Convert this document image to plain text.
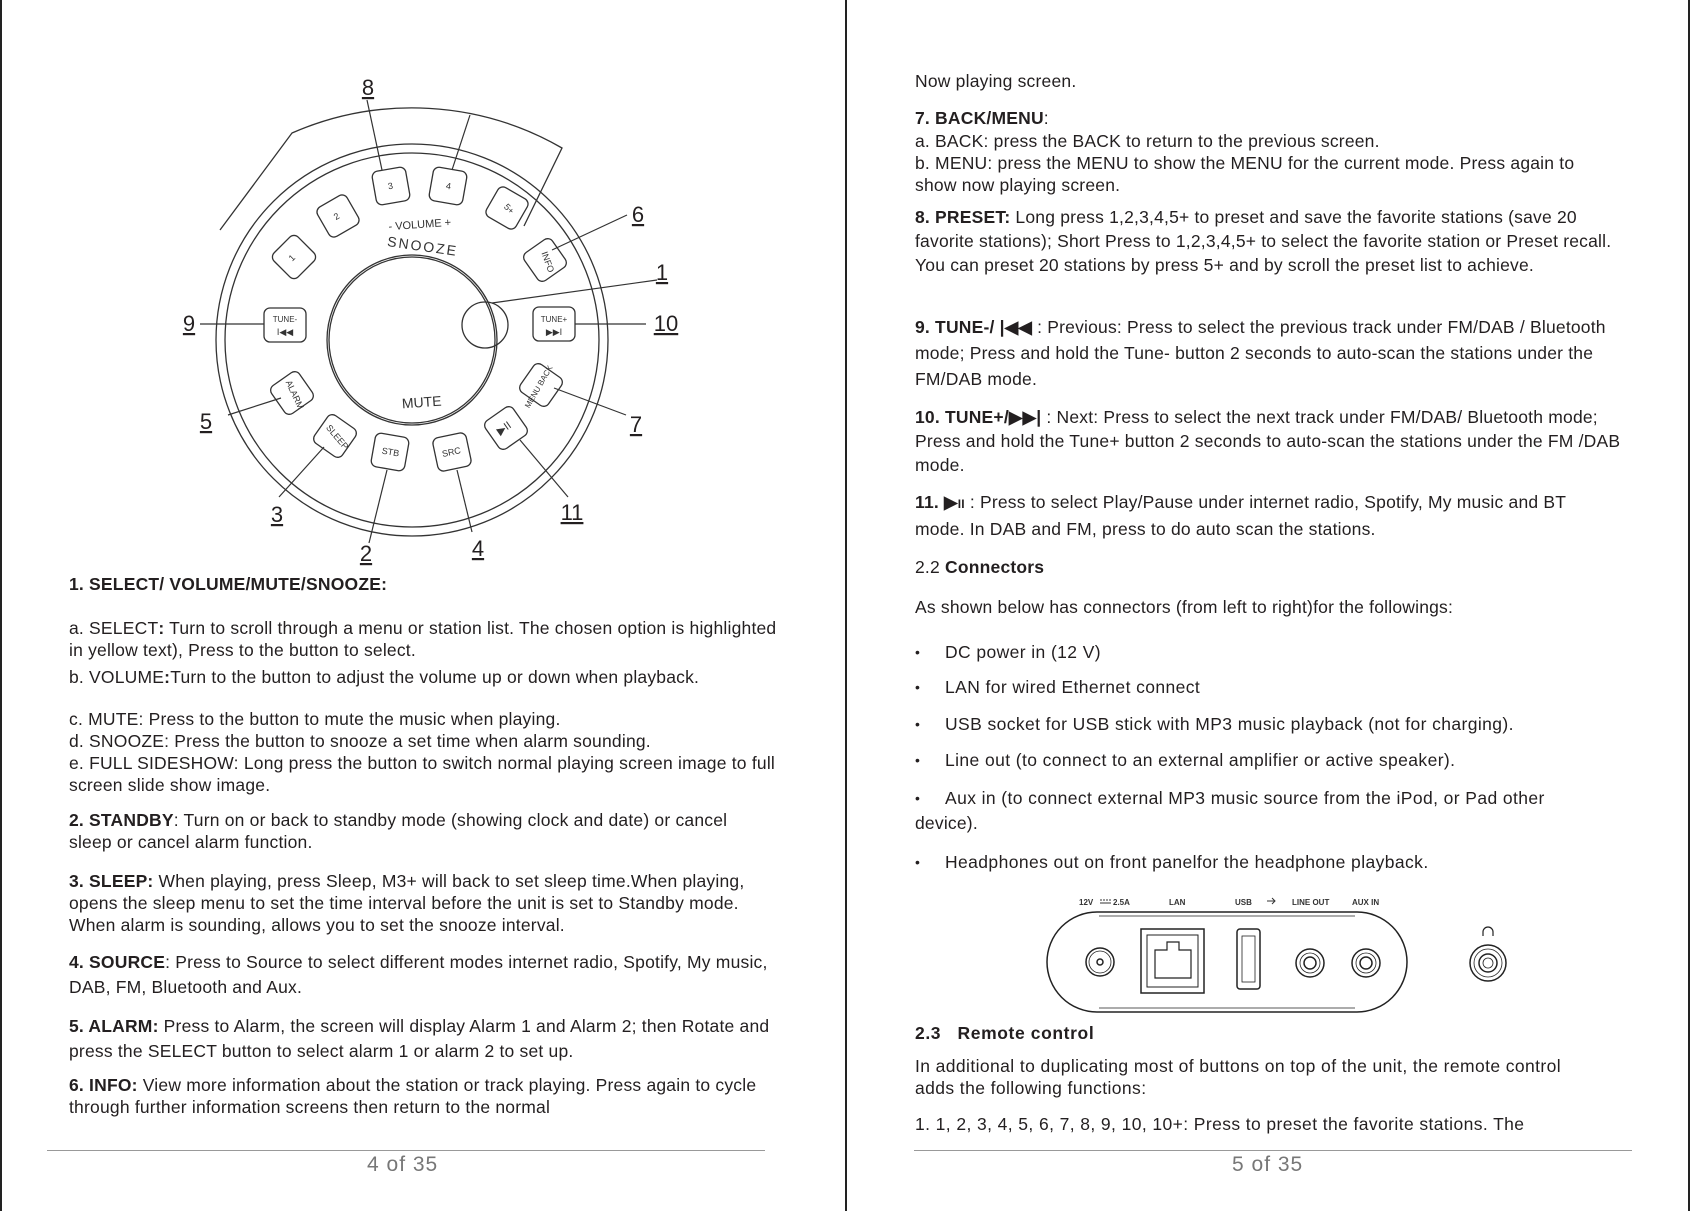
1
2
3	4
5+
INFO
TUNE+
▶▶I
MENU BACK
▶II
SRC
STB
SLEEP
ALARM
TUNE-
I◀◀
- VOLUME +
SNOOZE
MUTE
8
6
1
9	10
5	7
3	11
2	4

1. SELECT/ VOLUME/MUTE/SNOOZE:

a. SELECT: Turn to scroll through a menu or station list. The chosen option is highlighted in yellow text), Press to the button to select.

b. VOLUME:Turn to the button to adjust the volume up or down when playback.

c. MUTE: Press to the button to mute the music when playing.

d. SNOOZE: Press the button to snooze a set time when alarm sounding.

e. FULL SIDESHOW: Long press the button to switch normal playing screen image to full screen slide show image.

2. STANDBY: Turn on or back to standby mode (showing clock and date) or cancel sleep or cancel alarm function.

3. SLEEP: When playing, press Sleep, M3+ will back to set sleep time.When playing, opens the sleep menu to set the time interval before the unit is set to Standby mode. When alarm is sounding, allows you to set the snooze interval.

4. SOURCE: Press to Source to select different modes internet radio, Spotify, My music, DAB, FM, Bluetooth and Aux.

5. ALARM: Press to Alarm, the screen will display Alarm 1 and Alarm 2; then Rotate and press the SELECT button to select alarm 1 or alarm 2 to set up.

6. INFO: View more information about the station or track playing. Press again to cycle through further information screens then return to the normal

4 of 35

Now playing screen.

7. BACK/MENU:

a. BACK: press the BACK to return to the previous screen.

b. MENU: press the MENU to show the MENU for the current mode. Press again to show now playing screen.

8. PRESET: Long press 1,2,3,4,5+ to preset and save the favorite stations (save 20 favorite stations); Short Press to 1,2,3,4,5+ to select the favorite station or Preset recall. You can preset 20 stations by press 5+ and by scroll the preset list to achieve.

9. TUNE-/ |◀◀ : Previous: Press to select the previous track under FM/DAB / Bluetooth mode; Press and hold the Tune- button 2 seconds to auto-scan the stations under the FM/DAB mode.

10. TUNE+/▶▶| : Next: Press to select the next track under FM/DAB/ Bluetooth mode; Press and hold the Tune+ button 2 seconds to auto-scan the stations under the FM /DAB mode.

11. ▶II : Press to select Play/Pause under internet radio, Spotify, My music and BT mode. In DAB and FM, press to do auto scan the stations.

2.2 Connectors

As shown below has connectors (from left to right)for the followings:

• DC power in (12 V)
• LAN for wired Ethernet connect
• USB socket for USB stick with MP3 music playback (not for charging).
• Line out (to connect to an external amplifier or active speaker).
• Aux in (to connect external MP3 music source from the iPod, or Pad other

device).

• Headphones out on front panelfor the headphone playback.
12V 2.5A	LAN	USB	LINE OUT	AUX IN

2.3 Remote control

In additional to duplicating most of buttons on top of the unit, the remote control adds the following functions:

1. 1, 2, 3, 4, 5, 6, 7, 8, 9, 10, 10+: Press to preset the favorite stations. The

5 of 35
